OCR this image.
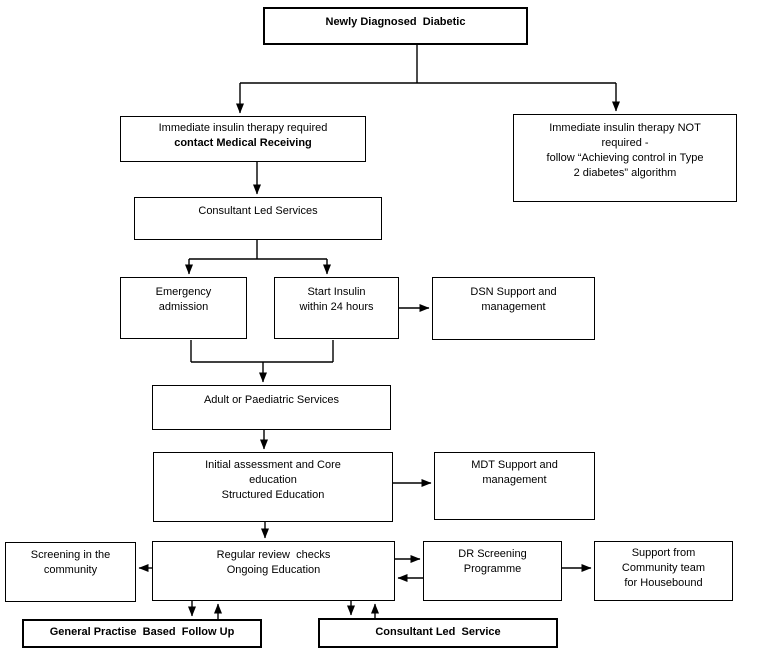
Newly Diagnosed  Diabetic
Immediate insulin therapy required
contact Medical Receiving
Immediate insulin therapy NOT
required -
follow “Achieving control in Type
2 diabetes” algorithm
Consultant Led Services
Emergency
admission
Start Insulin
within 24 hours
DSN Support and
management
Adult or Paediatric Services
Initial assessment and Core
education
Structured Education
MDT Support and
management
Screening in the
community
Regular review  checks
Ongoing Education
DR Screening
Programme
Support from
Community team
for Housebound
General Practise  Based  Follow Up	Consultant Led  Service
